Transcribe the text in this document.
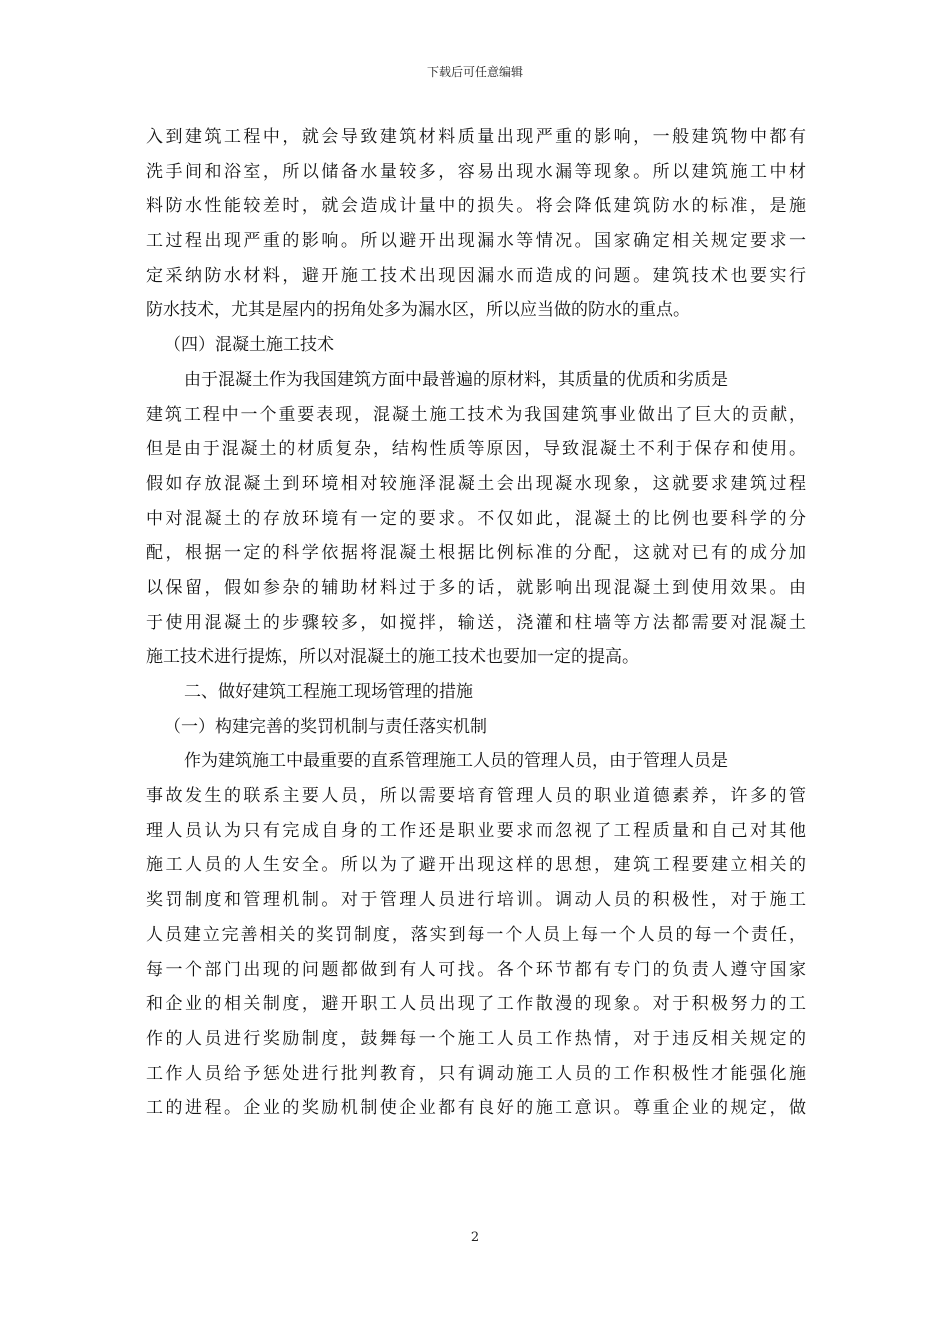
下载后可任意编辑
入到建筑工程中，就会导致建筑材料质量出现严重的影响，一般建筑物中都有
洗手间和浴室，所以储备水量较多，容易出现水漏等现象。所以建筑施工中材
料防水性能较差时，就会造成计量中的损失。将会降低建筑防水的标准，是施
工过程出现严重的影响。所以避开出现漏水等情况。国家确定相关规定要求一
定采纳防水材料，避开施工技术出现因漏水而造成的问题。建筑技术也要实行
防水技术，尤其是屋内的拐角处多为漏水区，所以应当做的防水的重点。
（四）混凝土施工技术
由于混凝土作为我国建筑方面中最普遍的原材料，其质量的优质和劣质是
建筑工程中一个重要表现，混凝土施工技术为我国建筑事业做出了巨大的贡献，
但是由于混凝土的材质复杂，结构性质等原因，导致混凝土不利于保存和使用。
假如存放混凝土到环境相对较施泽混凝土会出现凝水现象，这就要求建筑过程
中对混凝土的存放环境有一定的要求。不仅如此，混凝土的比例也要科学的分
配，根据一定的科学依据将混凝土根据比例标准的分配，这就对已有的成分加
以保留，假如参杂的辅助材料过于多的话，就影响出现混凝土到使用效果。由
于使用混凝土的步骤较多，如搅拌，输送，浇灌和柱墙等方法都需要对混凝土
施工技术进行提炼，所以对混凝土的施工技术也要加一定的提高。
二、做好建筑工程施工现场管理的措施
（一）构建完善的奖罚机制与责任落实机制
作为建筑施工中最重要的直系管理施工人员的管理人员，由于管理人员是
事故发生的联系主要人员，所以需要培育管理人员的职业道德素养，许多的管
理人员认为只有完成自身的工作还是职业要求而忽视了工程质量和自己对其他
施工人员的人生安全。所以为了避开出现这样的思想，建筑工程要建立相关的
奖罚制度和管理机制。对于管理人员进行培训。调动人员的积极性，对于施工
人员建立完善相关的奖罚制度，落实到每一个人员上每一个人员的每一个责任，
每一个部门出现的问题都做到有人可找。各个环节都有专门的负责人遵守国家
和企业的相关制度，避开职工人员出现了工作散漫的现象。对于积极努力的工
作的人员进行奖励制度，鼓舞每一个施工人员工作热情，对于违反相关规定的
工作人员给予惩处进行批判教育，只有调动施工人员的工作积极性才能强化施
工的进程。企业的奖励机制使企业都有良好的施工意识。尊重企业的规定，做
2
